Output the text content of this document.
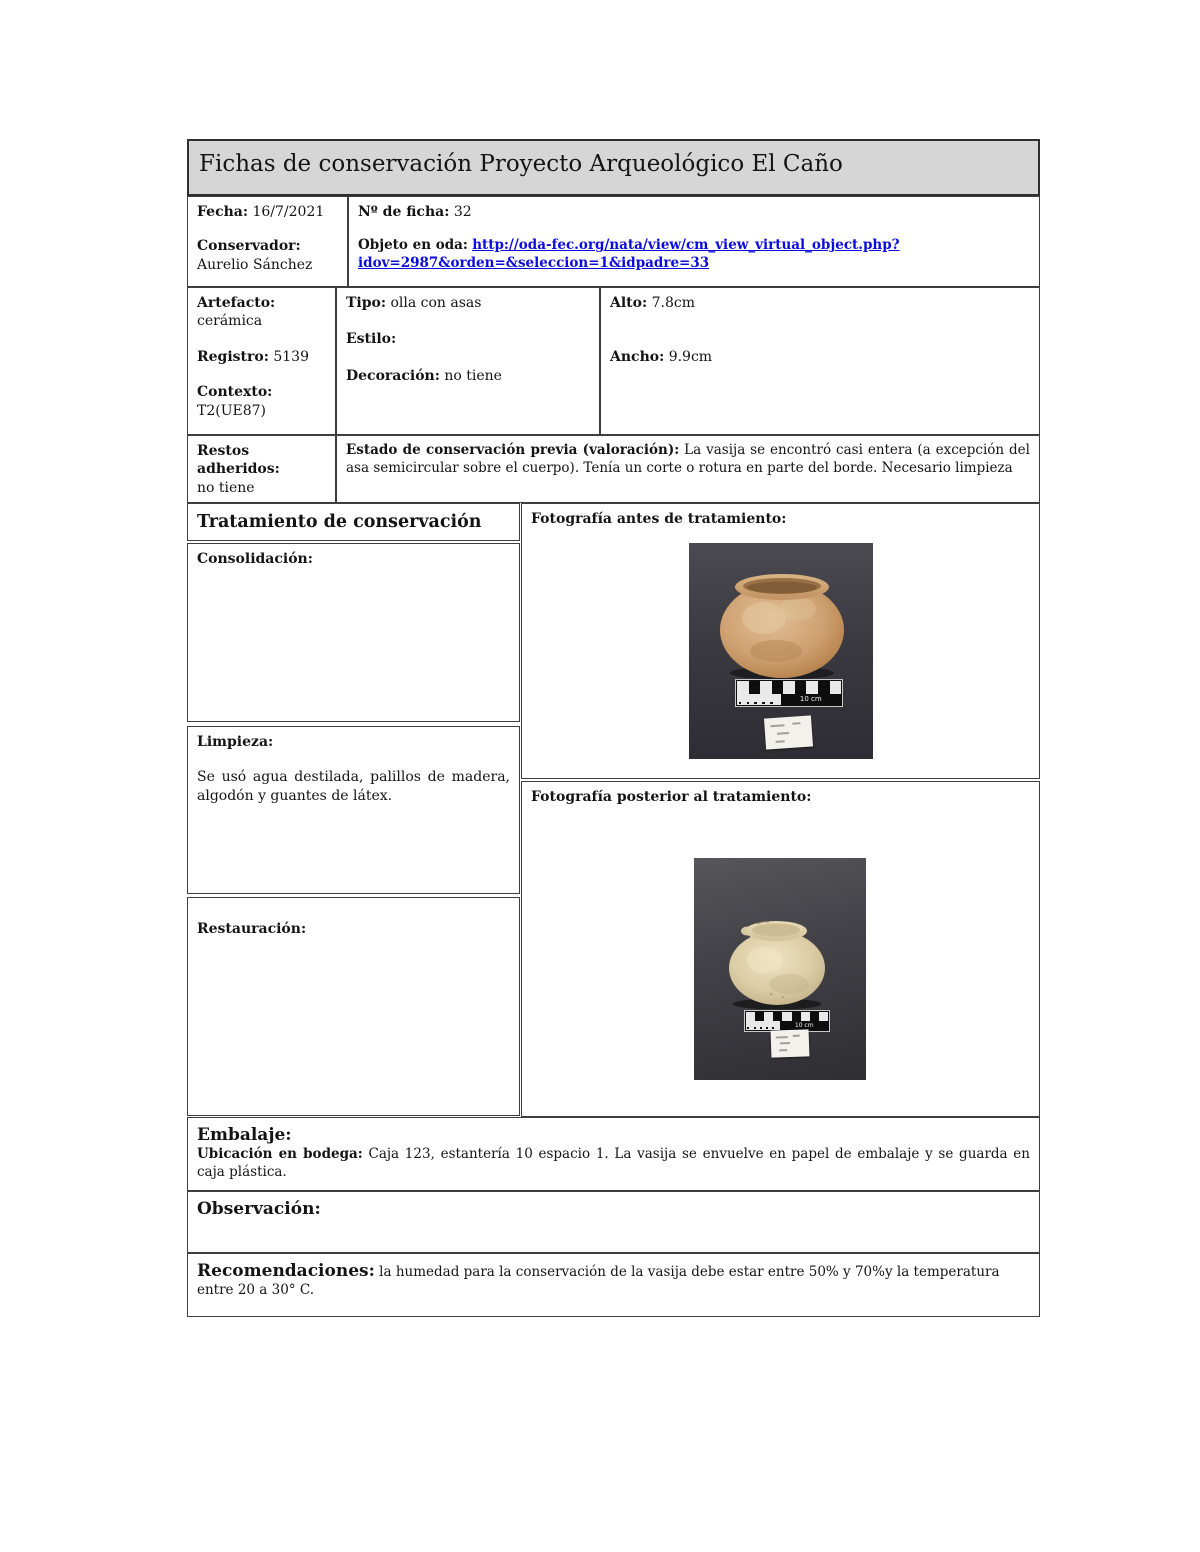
Fichas de conservación Proyecto Arqueológico El Caño

Fecha: 16/7/2021

Conservador:

Aurelio Sánchez

Nº de ficha: 32

Objeto en oda: http://oda-fec.org/nata/view/cm_view_virtual_object.php?idov=2987&orden=&seleccion=1&idpadre=33

Artefacto:

cerámica

Registro: 5139

Contexto:

T2(UE87)

Tipo: olla con asas

Estilo:

Decoración: no tiene

Alto: 7.8cm

Ancho: 9.9cm

Restos adheridos:

no tiene

Estado de conservación previa (valoración): La vasija se encontró casi entera (a excepción del asa semicircular sobre el cuerpo). Tenía un corte o rotura en parte del borde. Necesario limpieza

Tratamiento de conservación

Consolidación:

Limpieza:

Se usó agua destilada, palillos de madera, algodón y guantes de látex.

Restauración:

Fotografía antes de tratamiento:

Fotografía posterior al tratamiento:

10 cm
10 cm

Embalaje:

Ubicación en bodega: Caja 123, estantería 10 espacio 1. La vasija se envuelve en papel de embalaje y se guarda en caja plástica.

Observación:

Recomendaciones: la humedad para la conservación de la vasija debe estar entre 50% y 70%y la temperatura entre 20 a 30° C.
